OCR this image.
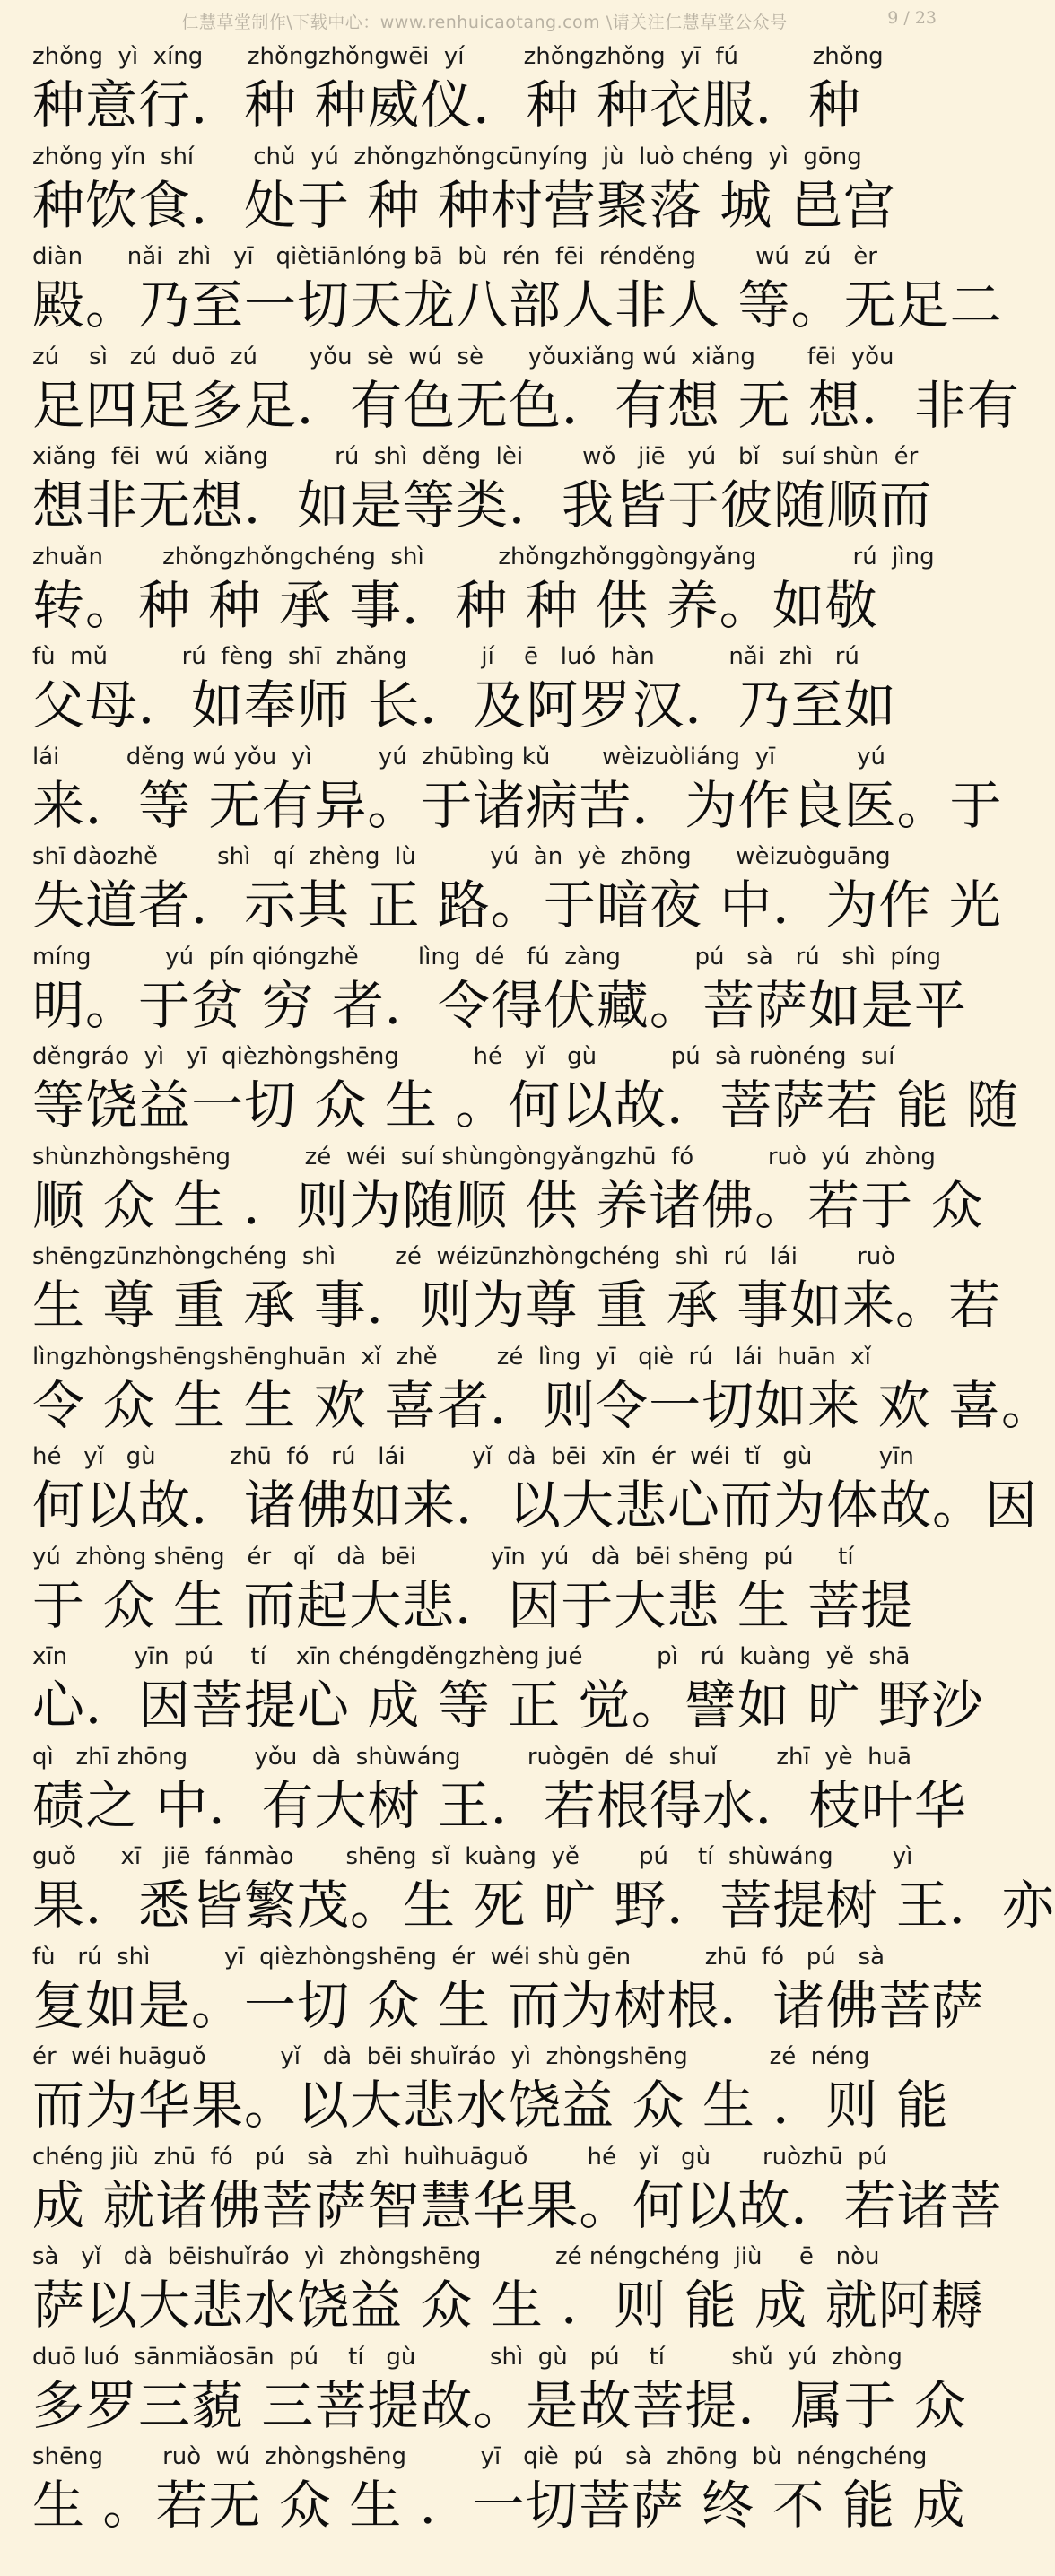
仁慧草堂制作\下载中心：www.renhuicaotang.com \请关注仁慧草堂公众号	9 / 23
zhǒng  yì  xíng      zhǒngzhǒngwēi  yí        zhǒngzhǒng  yī  fú          zhǒng
种意行．种 种威仪．种 种衣服．种
zhǒng yǐn  shí        chǔ  yú  zhǒngzhǒngcūnyíng  jù  luò chéng  yì  gōng
种饮食．处于 种 种村营聚落 城 邑宫
diàn      nǎi  zhì   yī   qiètiānlóng bā  bù  rén  fēi  rénděng        wú  zú   èr
殿。乃至一切天龙八部人非人 等。无足二
zú    sì   zú  duō  zú       yǒu  sè  wú  sè      yǒuxiǎng wú  xiǎng       fēi  yǒu
足四足多足．有色无色．有想 无 想．非有
xiǎng  fēi  wú  xiǎng         rú  shì  děng  lèi        wǒ   jiē   yú   bǐ   suí shùn  ér
想非无想．如是等类．我皆于彼随顺而
zhuǎn        zhǒngzhǒngchéng  shì          zhǒngzhǒnggòngyǎng             rú  jìng
转。种 种 承 事．种 种 供 养。如敬
fù  mǔ          rú  fèng  shī  zhǎng          jí    ē   luó  hàn          nǎi  zhì   rú
父母．如奉师 长．及阿罗汉．乃至如
lái         děng wú yǒu  yì         yú  zhūbìng kǔ       wèizuòliáng  yī           yú
来．等 无有异。于诸病苦．为作良医。于
shī dàozhě        shì   qí  zhèng  lù          yú  àn  yè  zhōng      wèizuòguāng
失道者．示其 正 路。于暗夜 中．为作 光
míng          yú  pín qióngzhě        lìng  dé   fú  zàng          pú   sà   rú   shì  píng
明。于贫 穷 者．令得伏藏。菩萨如是平
děngráo  yì   yī  qièzhòngshēng          hé   yǐ   gù          pú  sà ruònéng  suí
等饶益一切 众 生 。何以故．菩萨若 能 随
shùnzhòngshēng          zé  wéi  suí shùngòngyǎngzhū  fó          ruò  yú  zhòng
顺 众 生 ．则为随顺 供 养诸佛。若于 众
shēngzūnzhòngchéng  shì        zé  wéizūnzhòngchéng  shì  rú   lái        ruò
生 尊 重 承 事．则为尊 重 承 事如来。若
lìngzhòngshēngshēnghuān  xǐ  zhě        zé  lìng  yī   qiè  rú   lái  huān  xǐ
令 众 生 生 欢 喜者．则令一切如来 欢 喜。
hé   yǐ   gù          zhū  fó   rú   lái         yǐ  dà  bēi  xīn  ér  wéi  tǐ   gù         yīn
何以故．诸佛如来．以大悲心而为体故。因
yú  zhòng shēng   ér   qǐ   dà  bēi          yīn  yú   dà  bēi shēng  pú      tí
于 众 生 而起大悲．因于大悲 生 菩提
xīn         yīn  pú     tí    xīn chéngděngzhèng jué          pì   rú  kuàng  yě  shā
心．因菩提心 成 等 正 觉。譬如 旷 野沙
qì   zhī zhōng         yǒu  dà  shùwáng         ruògēn  dé  shuǐ        zhī  yè  huā
碛之 中．有大树 王．若根得水．枝叶华
guǒ      xī   jiē  fánmào       shēng  sǐ  kuàng  yě        pú    tí  shùwáng        yì
果．悉皆繁茂。生 死 旷 野．菩提树 王．亦
fù   rú  shì          yī  qièzhòngshēng  ér  wéi shù gēn          zhū  fó   pú   sà
复如是。一切 众 生 而为树根．诸佛菩萨
ér  wéi huāguǒ          yǐ   dà  bēi shuǐráo  yì  zhòngshēng           zé  néng
而为华果。以大悲水饶益 众 生 ．则 能
chéng jiù  zhū  fó   pú   sà   zhì  huìhuāguǒ        hé   yǐ   gù       ruòzhū  pú
成 就诸佛菩萨智慧华果。何以故．若诸菩
sà   yǐ   dà  bēishuǐráo  yì  zhòngshēng          zé néngchéng  jiù     ē   nòu
萨以大悲水饶益 众 生 ．则 能 成 就阿耨
duō luó  sānmiǎosān  pú    tí   gù          shì  gù   pú    tí         shǔ  yú  zhòng
多罗三藐 三菩提故。是故菩提．属于 众
shēng        ruò  wú  zhòngshēng          yī   qiè  pú   sà  zhōng  bù  néngchéng
生 。若无 众 生 ．一切菩萨 终 不 能 成
